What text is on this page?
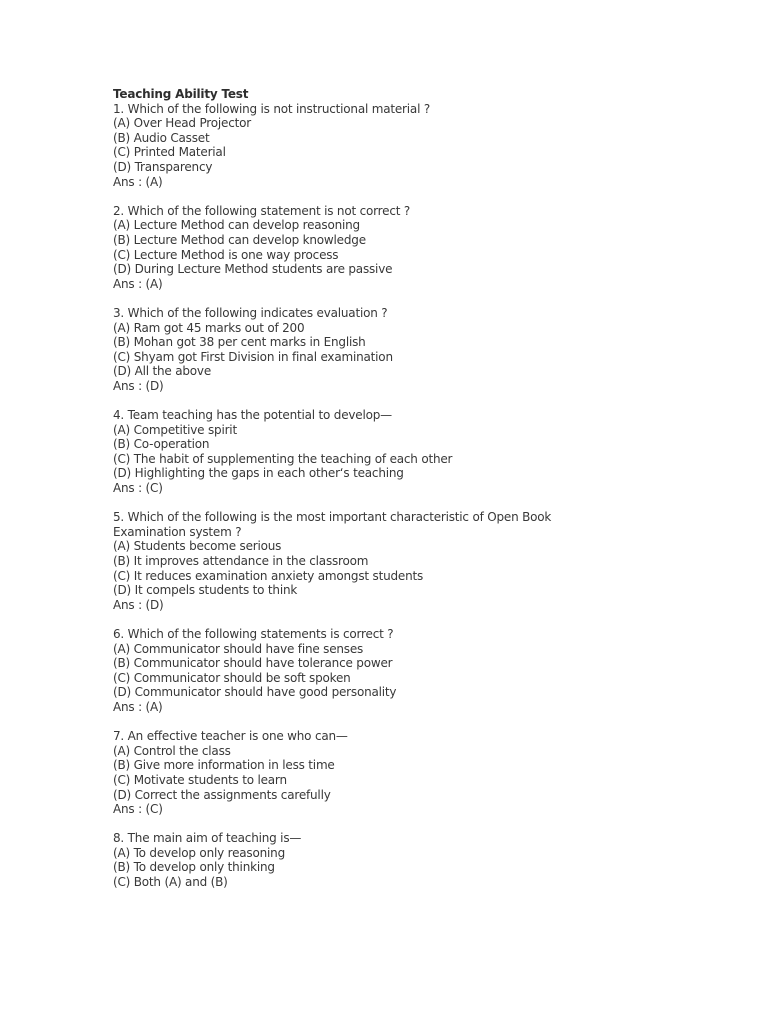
Teaching Ability Test
1. Which of the following is not instructional material ?
(A) Over Head Projector
(B) Audio Casset
(C) Printed Material
(D) Transparency
Ans : (A)
2. Which of the following statement is not correct ?
(A) Lecture Method can develop reasoning
(B) Lecture Method can develop knowledge
(C) Lecture Method is one way process
(D) During Lecture Method students are passive
Ans : (A)
3. Which of the following indicates evaluation ?
(A) Ram got 45 marks out of 200
(B) Mohan got 38 per cent marks in English
(C) Shyam got First Division in final examination
(D) All the above
Ans : (D)
4. Team teaching has the potential to develop—
(A) Competitive spirit
(B) Co-operation
(C) The habit of supplementing the teaching of each other
(D) Highlighting the gaps in each other‘s teaching
Ans : (C)
5. Which of the following is the most important characteristic of Open Book
Examination system ?
(A) Students become serious
(B) It improves attendance in the classroom
(C) It reduces examination anxiety amongst students
(D) It compels students to think
Ans : (D)
6. Which of the following statements is correct ?
(A) Communicator should have fine senses
(B) Communicator should have tolerance power
(C) Communicator should be soft spoken
(D) Communicator should have good personality
Ans : (A)
7. An effective teacher is one who can—
(A) Control the class
(B) Give more information in less time
(C) Motivate students to learn
(D) Correct the assignments carefully
Ans : (C)
8. The main aim of teaching is—
(A) To develop only reasoning
(B) To develop only thinking
(C) Both (A) and (B)
